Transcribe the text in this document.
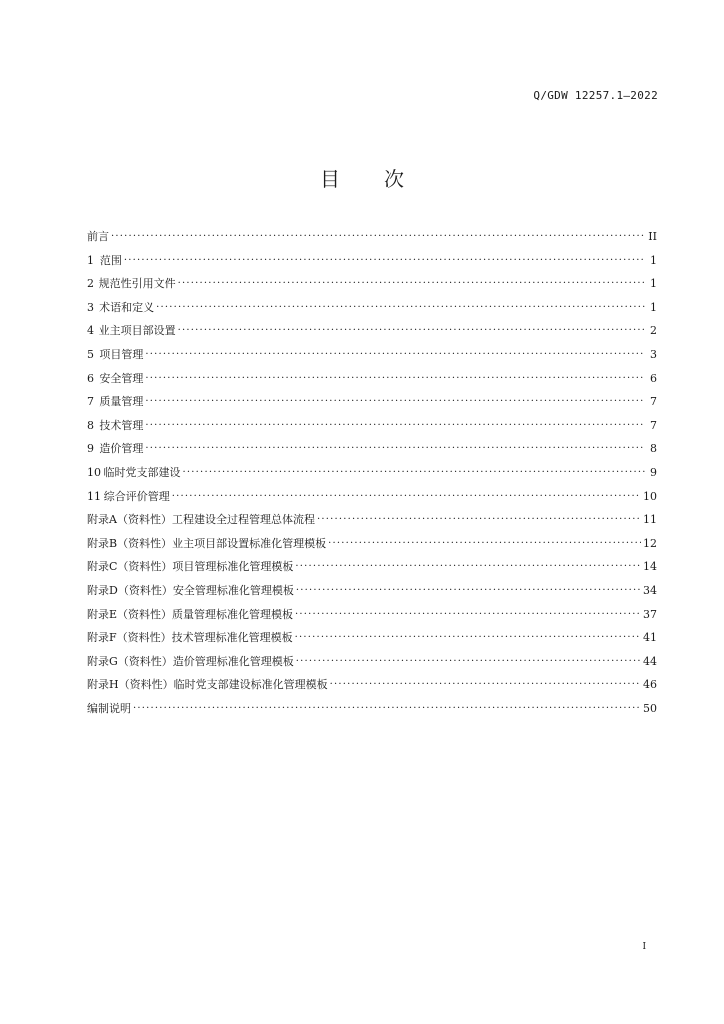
Q/GDW 12257.1—2022
目次
前言 ·····	II
1 范围 ·····	1
2 规范性引用文件 ·····	1
3 术语和定义 ·····	1
4 业主项目部设置 ·····	2
5 项目管理 ·····	3
6 安全管理 ·····	6
7 质量管理 ·····	7
8 技术管理 ·····	7
9 造价管理 ·····	8
10 临时党支部建设 ·····	9
11 综合评价管理 ·····	10
附录A（资料性） 工程建设全过程管理总体流程 ·····	11
附录B（资料性） 业主项目部设置标准化管理模板 ·····	12
附录C（资料性） 项目管理标准化管理模板 ·····	14
附录D（资料性） 安全管理标准化管理模板 ·····	34
附录E（资料性） 质量管理标准化管理模板 ·····	37
附录F（资料性） 技术管理标准化管理模板 ·····	41
附录G（资料性） 造价管理标准化管理模板 ·····	44
附录H（资料性） 临时党支部建设标准化管理模板 ·····	46
编制说明 ·····	50
I
